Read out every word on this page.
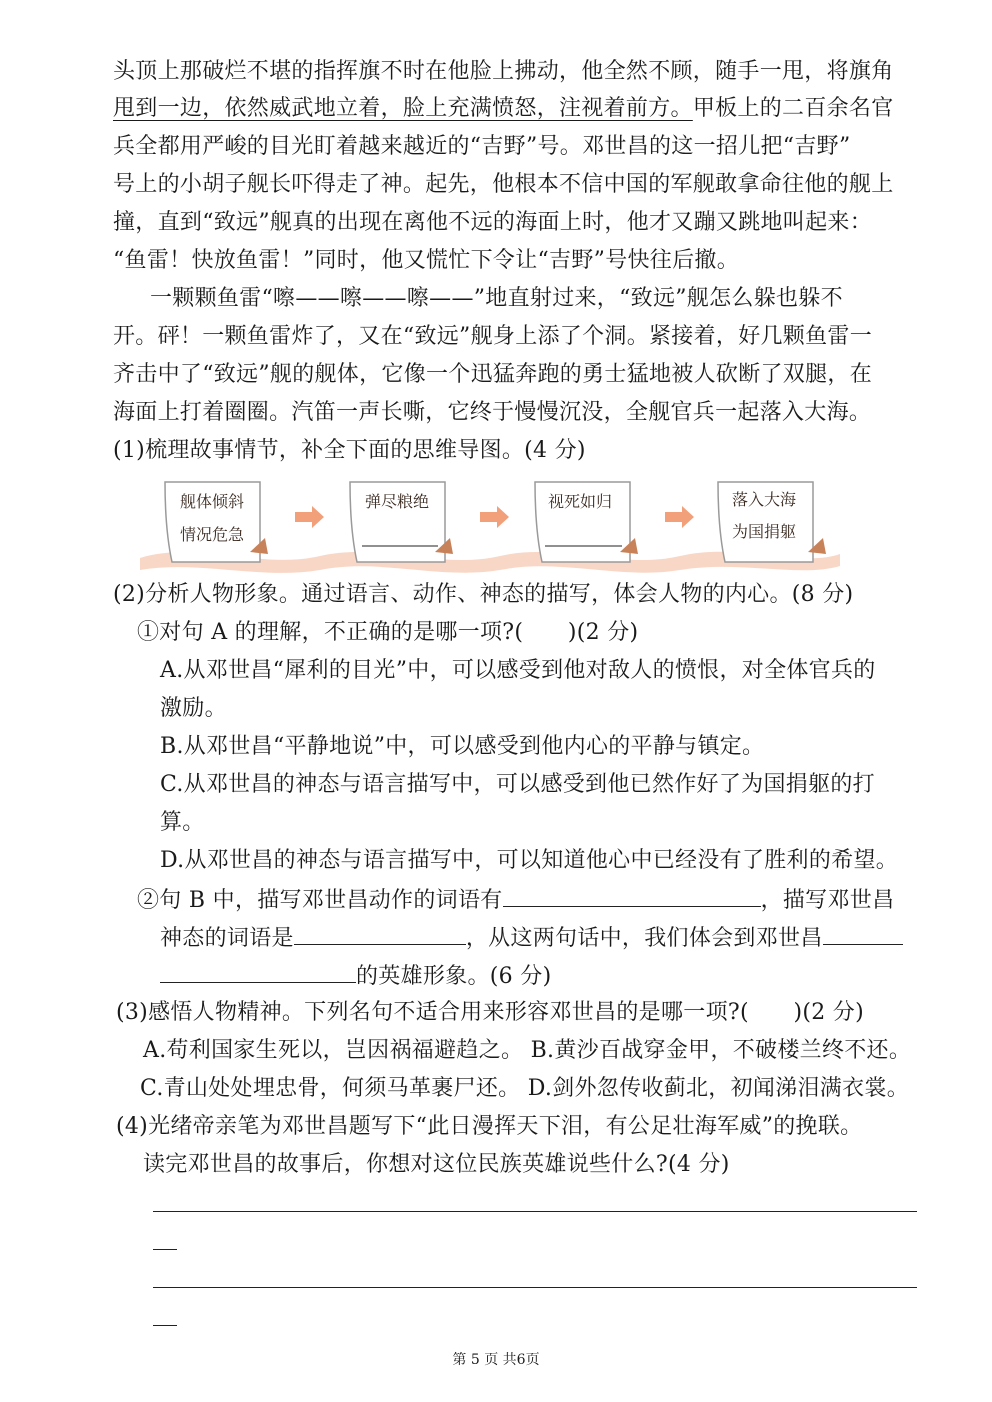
头顶上那破烂不堪的指挥旗不时在他脸上拂动，他全然不顾，随手一甩，将旗角
甩到一边，依然威武地立着，脸上充满愤怒，注视着前方。甲板上的二百余名官
兵全都用严峻的目光盯着越来越近的“吉野”号。邓世昌的这一招儿把“吉野”
号上的小胡子舰长吓得走了神。起先，他根本不信中国的军舰敢拿命往他的舰上
撞，直到“致远”舰真的出现在离他不远的海面上时，他才又蹦又跳地叫起来：
“鱼雷！快放鱼雷！”同时，他又慌忙下令让“吉野”号快往后撤。
一颗颗鱼雷“嚓——嚓——嚓——”地直射过来，“致远”舰怎么躲也躲不
开。砰！一颗鱼雷炸了，又在“致远”舰身上添了个洞。紧接着，好几颗鱼雷一
齐击中了“致远”舰的舰体，它像一个迅猛奔跑的勇士猛地被人砍断了双腿，在
海面上打着圈圈。汽笛一声长嘶，它终于慢慢沉没，全舰官兵一起落入大海。
(1)梳理故事情节，补全下面的思维导图。(4 分)
舰体倾斜
情况危急
弹尽粮绝	视死如归	落入大海
为国捐躯
(2)分析人物形象。通过语言、动作、神态的描写，体会人物的内心。(8 分)
①对句 A 的理解，不正确的是哪一项?(　　)(2 分)
A.从邓世昌“犀利的目光”中，可以感受到他对敌人的愤恨，对全体官兵的
激励。
B.从邓世昌“平静地说”中，可以感受到他内心的平静与镇定。
C.从邓世昌的神态与语言描写中，可以感受到他已然作好了为国捐躯的打
算。
D.从邓世昌的神态与语言描写中，可以知道他心中已经没有了胜利的希望。
②句 B 中，描写邓世昌动作的词语有	，描写邓世昌
神态的词语是	，从这两句话中，我们体会到邓世昌
的英雄形象。(6 分)
(3)感悟人物精神。下列名句不适合用来形容邓世昌的是哪一项?(　　)(2 分)
A.苟利国家生死以，岂因祸福避趋之。 B.黄沙百战穿金甲，不破楼兰终不还。
C.青山处处埋忠骨，何须马革裹尸还。 D.剑外忽传收蓟北，初闻涕泪满衣裳。
(4)光绪帝亲笔为邓世昌题写下“此日漫挥天下泪，有公足壮海军威”的挽联。
读完邓世昌的故事后，你想对这位民族英雄说些什么?(4 分)
第 5 页 共6页
